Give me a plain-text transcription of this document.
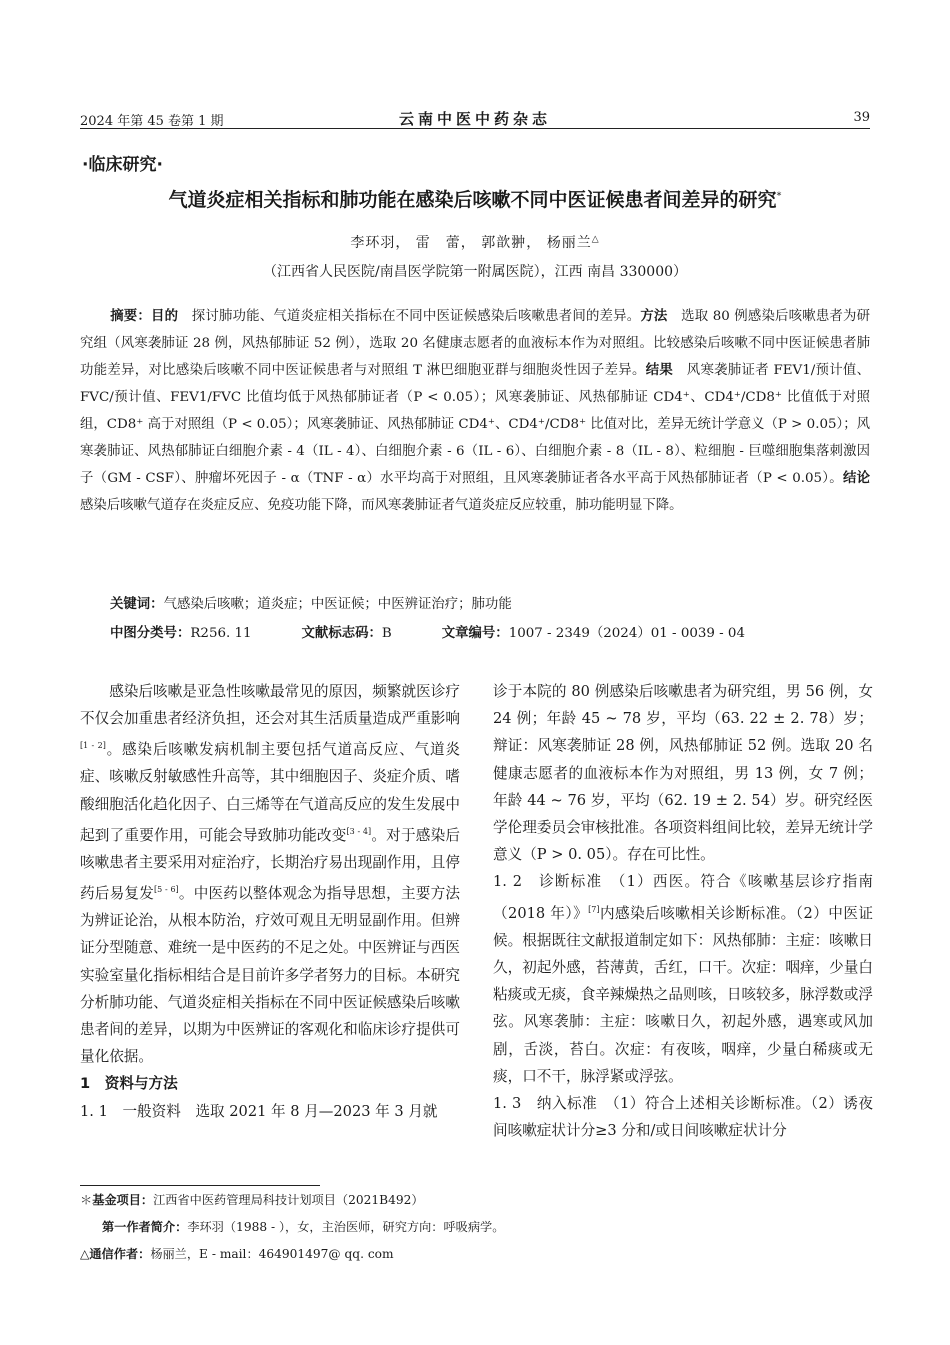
2024 年第 45 卷第 1 期	云南中医中药杂志	39
·临床研究·
气道炎症相关指标和肺功能在感染后咳嗽不同中医证候患者间差异的研究*
李环羽， 雷　蕾， 郭歆翀， 杨丽兰△
（江西省人民医院/南昌医学院第一附属医院），江西 南昌 330000）
摘要：目的　 探讨肺功能、气道炎症相关指标在不同中医证候感染后咳嗽患者间的差异。方法　 选取 80 例感染后咳嗽患者为研究组（风寒袭肺证 28 例，风热郁肺证 52 例），选取 20 名健康志愿者的血液标本作为对照组。比较感染后咳嗽不同中医证候患者肺功能差异，对比感染后咳嗽不同中医证候患者与对照组 T 淋巴细胞亚群与细胞炎性因子差异。结果　 风寒袭肺证者 FEV1/预计值、FVC/预计值、FEV1/FVC 比值均低于风热郁肺证者（P < 0.05）；风寒袭肺证、风热郁肺证 CD4⁺、CD4⁺/CD8⁺ 比值低于对照组，CD8⁺ 高于对照组（P < 0.05）；风寒袭肺证、风热郁肺证 CD4⁺、CD4⁺/CD8⁺ 比值对比，差异无统计学意义（P > 0.05）；风寒袭肺证、风热郁肺证白细胞介素 - 4（IL - 4）、白细胞介素 - 6（IL - 6）、白细胞介素 - 8（IL - 8）、粒细胞 - 巨噬细胞集落刺激因子（GM - CSF）、肿瘤坏死因子 - α（TNF - α）水平均高于对照组，且风寒袭肺证者各水平高于风热郁肺证者（P < 0.05）。结论　感染后咳嗽气道存在炎症反应、免疫功能下降，而风寒袭肺证者气道炎症反应较重，肺功能明显下降。
关键词：气感染后咳嗽；道炎症；中医证候；中医辨证治疗；肺功能
中图分类号：R256. 11	文献标志码：B	文章编号：1007 - 2349（2024）01 - 0039 - 04

感染后咳嗽是亚急性咳嗽最常见的原因，频繁就医诊疗不仅会加重患者经济负担，还会对其生活质量造成严重影响[1 - 2]。感染后咳嗽发病机制主要包括气道高反应、气道炎症、咳嗽反射敏感性升高等，其中细胞因子、炎症介质、嗜酸细胞活化趋化因子、白三烯等在气道高反应的发生发展中起到了重要作用，可能会导致肺功能改变[3 - 4]。对于感染后咳嗽患者主要采用对症治疗，长期治疗易出现副作用，且停药后易复发[5 - 6]。中医药以整体观念为指导思想，主要方法为辨证论治，从根本防治，疗效可观且无明显副作用。但辨证分型随意、难统一是中医药的不足之处。中医辨证与西医实验室量化指标相结合是目前许多学者努力的目标。本研究分析肺功能、气道炎症相关指标在不同中医证候感染后咳嗽患者间的差异，以期为中医辨证的客观化和临床诊疗提供可量化依据。

1　资料与方法

1. 1　一般资料　 选取 2021 年 8 月—2023 年 3 月就

诊于本院的 80 例感染后咳嗽患者为研究组，男 56 例，女 24 例；年龄 45 ~ 78 岁，平均（63. 22 ± 2. 78）岁；辩证：风寒袭肺证 28 例，风热郁肺证 52 例。选取 20 名健康志愿者的血液标本作为对照组，男 13 例，女 7 例；年龄 44 ~ 76 岁，平均（62. 19 ± 2. 54）岁。研究经医学伦理委员会审核批准。各项资料组间比较，差异无统计学意义（P > 0. 05）。存在可比性。

1. 2　诊断标准　 （1）西医。符合《咳嗽基层诊疗指南（2018 年）》[7]内感染后咳嗽相关诊断标准。（2）中医证候。根据既往文献报道制定如下：风热郁肺：主症：咳嗽日久，初起外感，苔薄黄，舌红，口干。次症：咽痒，少量白粘痰或无痰，食辛辣燥热之品则咳，日咳较多，脉浮数或浮弦。风寒袭肺：主症：咳嗽日久，初起外感，遇寒或风加剧，舌淡，苔白。次症：有夜咳，咽痒，少量白稀痰或无痰，口不干，脉浮紧或浮弦。

1. 3　纳入标准　 （1）符合上述相关诊断标准。（2）诱夜间咳嗽症状计分≥3 分和/或日间咳嗽症状计分

＊基金项目：江西省中医药管理局科技计划项目（2021B492）
第一作者简介：李环羽（1988 - ），女，主治医师，研究方向：呼吸病学。
△通信作者：杨丽兰，E - mail：464901497@ qq. com
